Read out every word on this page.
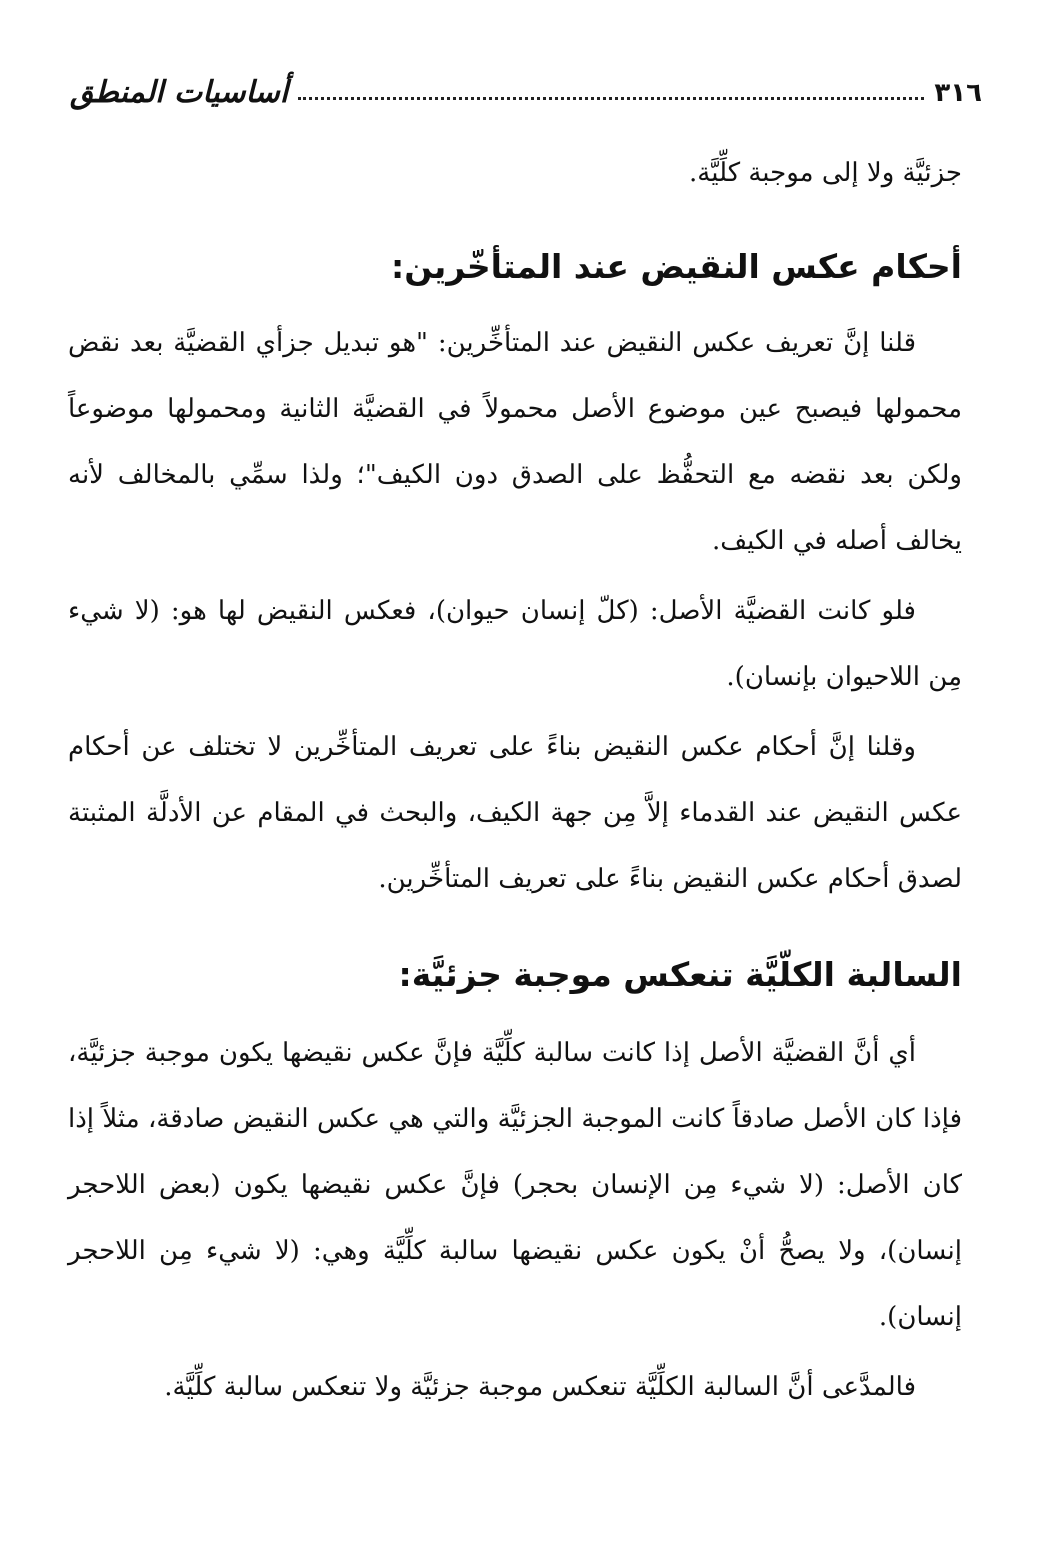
٣١٦
أساسيات المنطق

جزئيَّة ولا إلى موجبة كلِّيَّة.

أحكام عكس النقيض عند المتأخّرين:

قلنا إنَّ تعريف عكس النقيض عند المتأخِّرين: "هو تبديل جزأي القضيَّة بعد نقض محمولها فيصبح عين موضوع الأصل محمولاً في القضيَّة الثانية ومحمولها موضوعاً ولكن بعد نقضه مع التحفُّظ على الصدق دون الكيف"؛ ولذا سمِّي بالمخالف لأنه يخالف أصله في الكيف.

فلو كانت القضيَّة الأصل: (كلّ إنسان حيوان)، فعكس النقيض لها هو: (لا شيء مِن اللاحيوان بإنسان).

وقلنا إنَّ أحكام عكس النقيض بناءً على تعريف المتأخِّرين لا تختلف عن أحكام عكس النقيض عند القدماء إلاَّ مِن جهة الكيف، والبحث في المقام عن الأدلَّة المثبتة لصدق أحكام عكس النقيض بناءً على تعريف المتأخِّرين.

السالبة الكلّيَّة تنعكس موجبة جزئيَّة:

أي أنَّ القضيَّة الأصل إذا كانت سالبة كلِّيَّة فإنَّ عكس نقيضها يكون موجبة جزئيَّة، فإذا كان الأصل صادقاً كانت الموجبة الجزئيَّة والتي هي عكس النقيض صادقة، مثلاً إذا كان الأصل: (لا شيء مِن الإنسان بحجر) فإنَّ عكس نقيضها يكون (بعض اللاحجر إنسان)، ولا يصحُّ أنْ يكون عكس نقيضها سالبة كلِّيَّة وهي: (لا شيء مِن اللاحجر إنسان).

فالمدَّعى أنَّ السالبة الكلِّيَّة تنعكس موجبة جزئيَّة ولا تنعكس سالبة كلِّيَّة.
